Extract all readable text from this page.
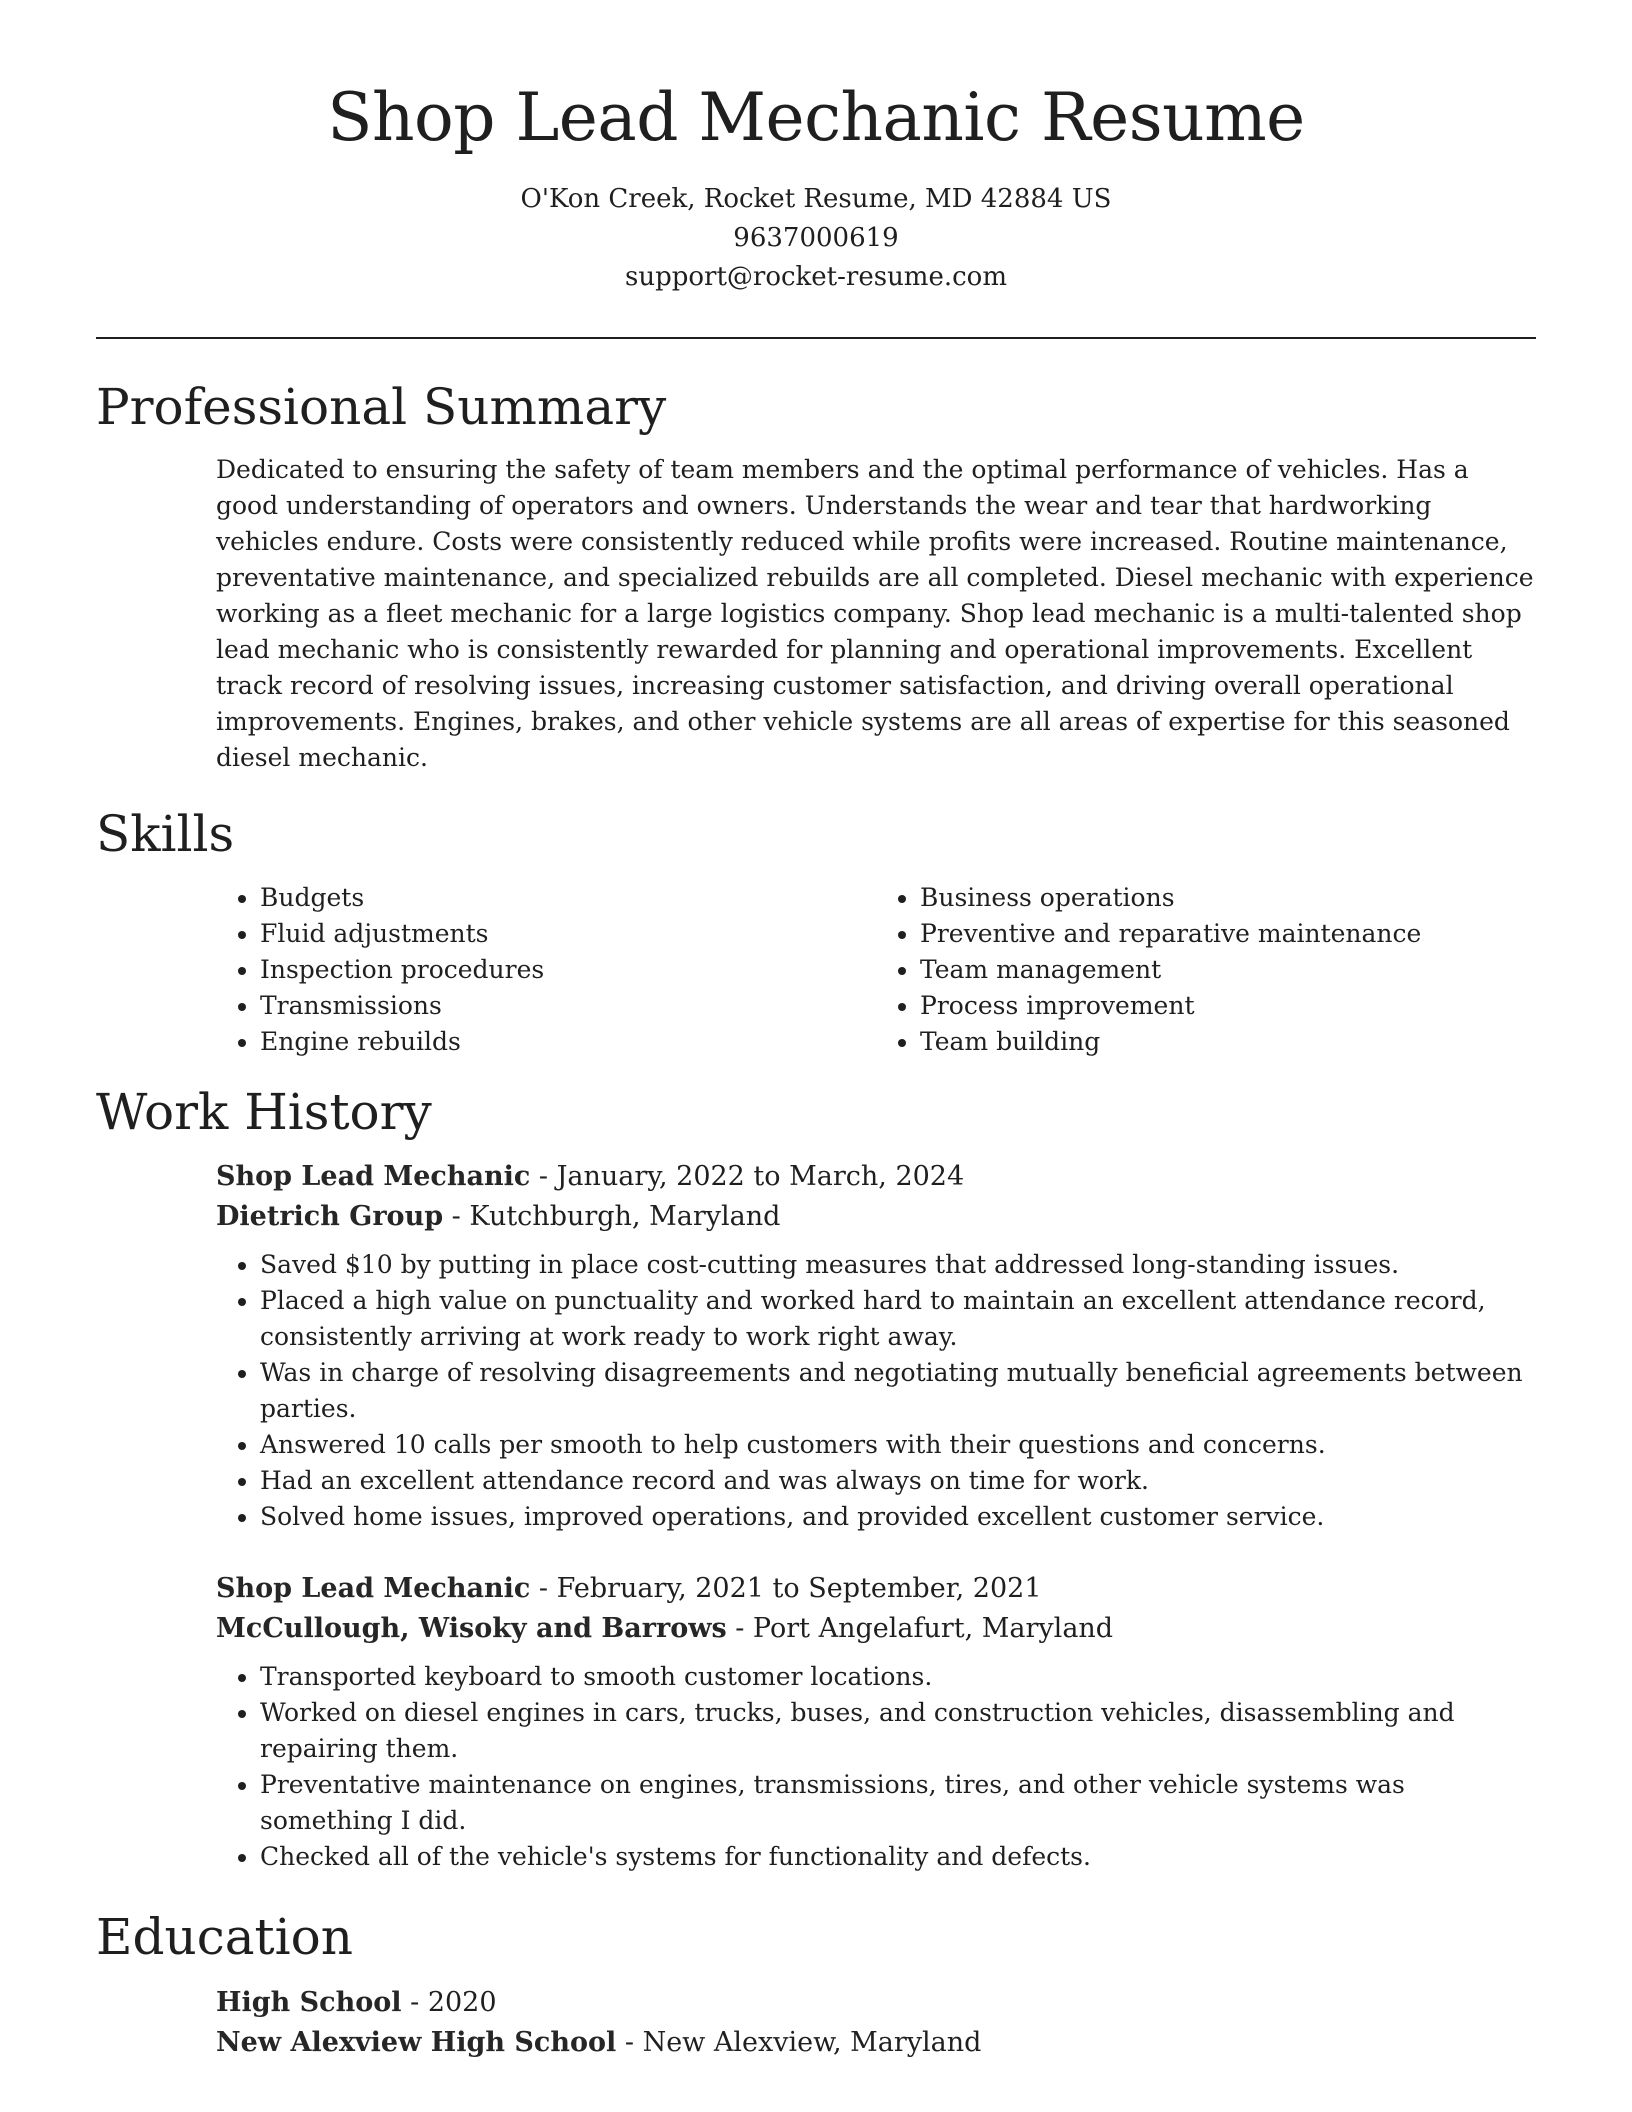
Shop Lead Mechanic Resume

O'Kon Creek, Rocket Resume, MD 42884 US

9637000619

support@rocket-resume.com

Professional Summary

Dedicated to ensuring the safety of team members and the optimal performance of vehicles. Has a good understanding of operators and owners. Understands the wear and tear that hardworking vehicles endure. Costs were consistently reduced while profits were increased. Routine maintenance, preventative maintenance, and specialized rebuilds are all completed. Diesel mechanic with experience working as a fleet mechanic for a large logistics company. Shop lead mechanic is a multi-talented shop lead mechanic who is consistently rewarded for planning and operational improvements. Excellent track record of resolving issues, increasing customer satisfaction, and driving overall operational improvements. Engines, brakes, and other vehicle systems are all areas of expertise for this seasoned diesel mechanic.

Skills
• Budgets
• Fluid adjustments
• Inspection procedures
• Transmissions
• Engine rebuilds
• Business operations
• Preventive and reparative maintenance
• Team management
• Process improvement
• Team building
Work History
Shop Lead Mechanic - January, 2022 to March, 2024
Dietrich Group - Kutchburgh, Maryland
• Saved $10 by putting in place cost-cutting measures that addressed long-standing issues.
• Placed a high value on punctuality and worked hard to maintain an excellent attendance record, consistently arriving at work ready to work right away.
• Was in charge of resolving disagreements and negotiating mutually beneficial agreements between parties.
• Answered 10 calls per smooth to help customers with their questions and concerns.
• Had an excellent attendance record and was always on time for work.
• Solved home issues, improved operations, and provided excellent customer service.
Shop Lead Mechanic - February, 2021 to September, 2021
McCullough, Wisoky and Barrows - Port Angelafurt, Maryland
• Transported keyboard to smooth customer locations.
• Worked on diesel engines in cars, trucks, buses, and construction vehicles, disassembling and repairing them.
• Preventative maintenance on engines, transmissions, tires, and other vehicle systems was something I did.
• Checked all of the vehicle's systems for functionality and defects.
Education
High School - 2020
New Alexview High School - New Alexview, Maryland
